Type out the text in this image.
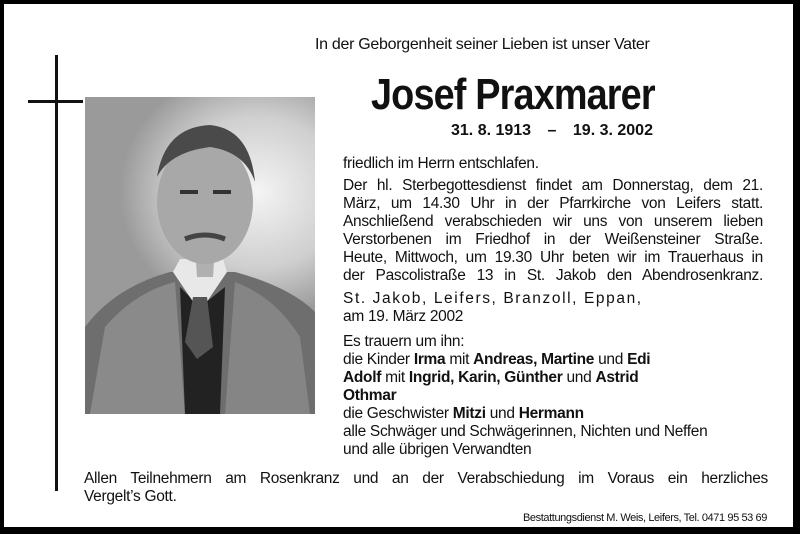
In der Geborgenheit seiner Lieben ist unser Vater
Josef Praxmarer
31. 8. 1913 – 19. 3. 2002
friedlich im Herrn entschlafen.
Der hl. Sterbegottesdienst findet am Donnerstag, dem 21.
März, um 14.30 Uhr in der Pfarrkirche von Leifers statt.
Anschließend verabschieden wir uns von unserem lieben
Verstorbenen im Friedhof in der Weißensteiner Straße.
Heute, Mittwoch, um 19.30 Uhr beten wir im Trauerhaus in
der Pascolistraße 13 in St. Jakob den Abendrosenkranz.
St. Jakob, Leifers, Branzoll, Eppan,
am 19. März 2002
Es trauern um ihn:
die Kinder Irma mit Andreas, Martine und Edi
Adolf mit Ingrid, Karin, Günther und Astrid
Othmar
die Geschwister Mitzi und Hermann
alle Schwäger und Schwägerinnen, Nichten und Neffen
und alle übrigen Verwandten
Allen Teilnehmern am Rosenkranz und an der Verabschiedung im Voraus ein herzliches
Vergelt’s Gott.
Bestattungsdienst M. Weis, Leifers, Tel. 0471 95 53 69
